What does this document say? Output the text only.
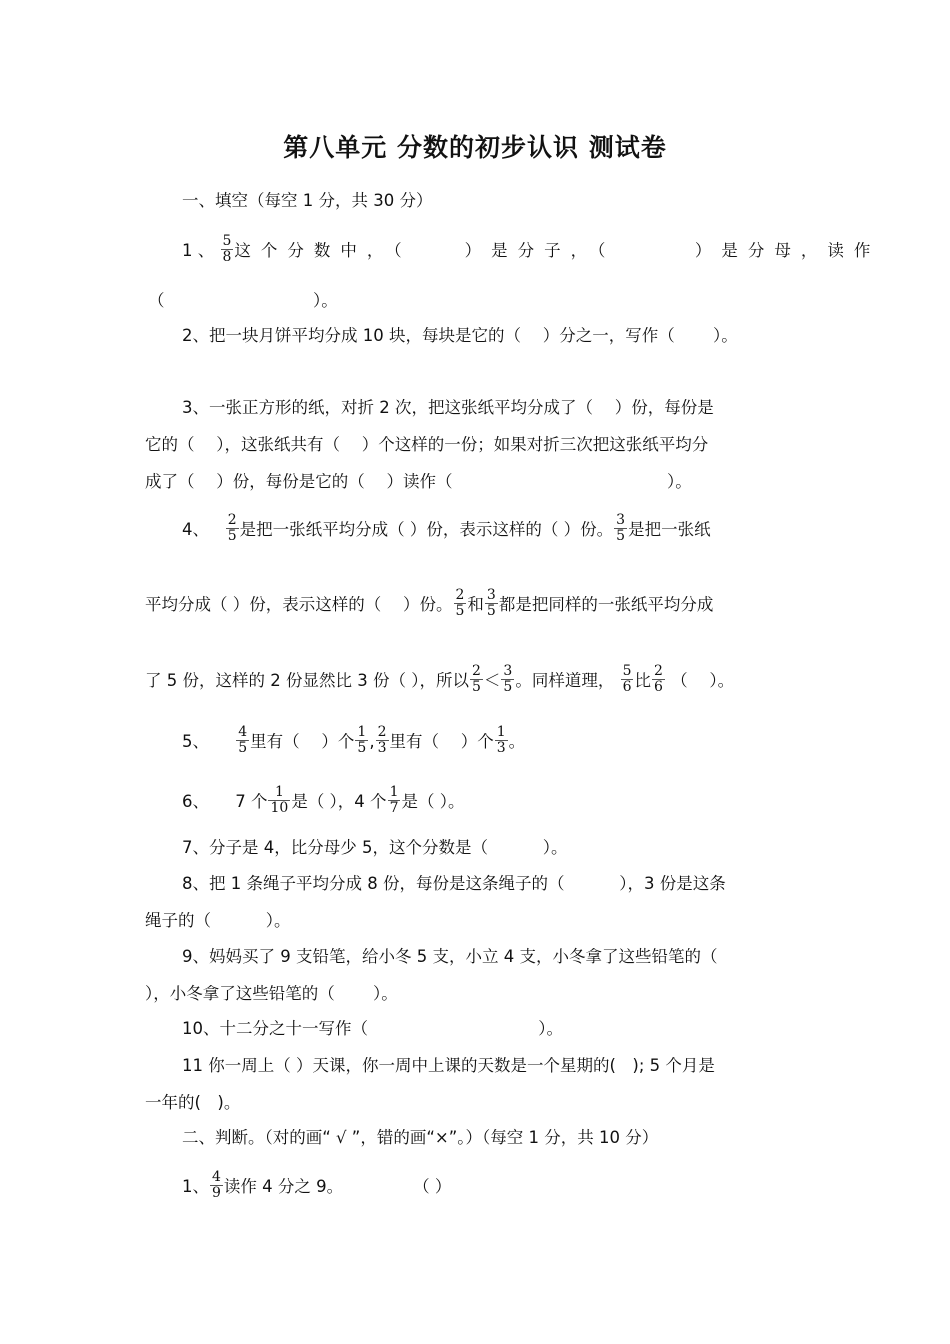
第八单元 分数的初步认识 测试卷
一、填空（每空 1 分，共 30 分）
1 、 $\frac{5}{8}$ 这个分数中，（　　）是分子，（　　　）是分母，读作
（　　　　　　　　　）。
2、把一块月饼平均分成 10 块，每块是它的（　 ）分之一，写作（　　 ）。
3、一张正方形的纸，对折 2 次，把这张纸平均分成了（　 ）份，每份是
它的（　 ），这张纸共有（　 ）个这样的一份；如果对折三次把这张纸平均分
成了（　 ）份，每份是它的（　 ）读作（　　　　　　　　　　　　　）。
4、 $\frac{2}{5}$ 是把一张纸平均分成（ ）份，表示这样的（ ）份。 $\frac{3}{5}$ 是把一张纸
平均分成（ ）份，表示这样的（　 ）份。 $\frac{2}{5}$ 和 $\frac{3}{5}$ 都是把同样的一张纸平均分成
了 5 份，这样的 2 份显然比 3 份（ ），所以 $\frac{2}{5} < \frac{3}{5}$ 。同样道理， $\frac{5}{6}$ 比 $\frac{2}{6}$ （　 ）。
5、 $\frac{4}{5}$ 里有（　 ）个 $\frac{1}{5}$ , $\frac{2}{3}$ 里有（　 ）个 $\frac{1}{3}$ 。
6、 7 个 $\frac{1}{10}$ 是（ ），4 个 $\frac{1}{7}$ 是（ ）。
7、分子是 4，比分母少 5，这个分数是（　　　 ）。
8、把 1 条绳子平均分成 8 份，每份是这条绳子的（　　　 ），3 份是这条
绳子的（　　　 ）。
9、妈妈买了 9 支铅笔，给小冬 5 支，小立 4 支，小冬拿了这些铅笔的（
），小冬拿了这些铅笔的（　　 ）。
10、十二分之十一写作（　　　　　　　　　　 ）。
11 你一周上（ ）天课，你一周中上课的天数是一个星期的(　); 5 个月是
一年的(　)。
二、判断。（对的画“ √ ”，错的画“×”。）（每空 1 分，共 10 分）
1、 $\frac{4}{9}$ 读作 4 分之 9。	（ ）
